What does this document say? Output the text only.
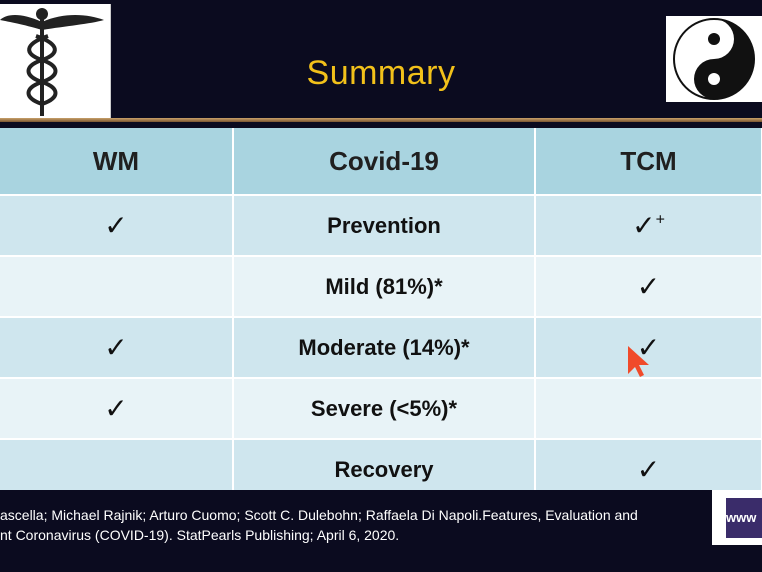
Summary
WM	Covid-19	TCM
✓	Prevention	✓+
	Mild (81%)*	✓
✓	Moderate (14%)*	✓
✓	Severe (<5%)*	
	Recovery	✓
ascella; Michael Rajnik; Arturo Cuomo; Scott C. Dulebohn; Raffaela Di Napoli.Features, Evaluation and
nt Coronavirus (COVID-19). StatPearls Publishing; April 6, 2020.
www
